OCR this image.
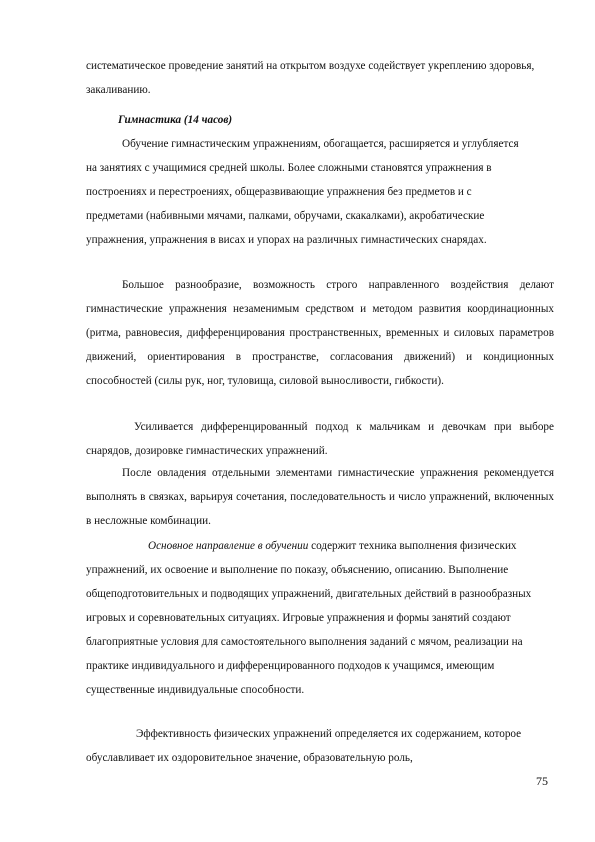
систематическое проведение занятий на открытом воздухе содействует укреплению здоровья, закаливанию.

Гимнастика (14 часов)

Обучение гимнастическим упражнениям, обогащается, расширяется и углубляется на занятиях с учащимися средней школы. Более сложными становятся упражнения в построениях и перестроениях, общеразвивающие упражнения без предметов и с предметами (набивными мячами, палками, обручами, скакалками), акробатические упражнения, упражнения в висах и упорах на различных гимнастических снарядах.

Большое разнообразие, возможность строго направленного воздействия делают гимнастические упражнения незаменимым средством и методом развития координационных (ритма, равновесия, дифференцирования пространственных, временных и силовых параметров движений, ориентирования в пространстве, согласования движений) и кондиционных способностей (силы рук, ног, туловища, силовой выносливости, гибкости).

Усиливается дифференцированный подход к мальчикам и девочкам при выборе снарядов, дозировке гимнастических упражнений.

После овладения отдельными элементами гимнастические упражнения рекомендуется выполнять в связках, варьируя сочетания, последовательность и число упражнений, включенных в несложные комбинации.

Основное направление в обучении содержит техника выполнения физических упражнений, их освоение и выполнение по показу, объяснению, описанию. Выполнение общеподготовительных и подводящих упражнений, двигательных действий в разнообразных игровых и соревновательных ситуациях. Игровые упражнения и формы занятий создают благоприятные условия для самостоятельного выполнения заданий с мячом, реализации на практике индивидуального и дифференцированного подходов к учащимся, имеющим существенные индивидуальные способности.

Эффективность физических упражнений определяется их содержанием, которое обуславливает их оздоровительное значение, образовательную роль,

75
